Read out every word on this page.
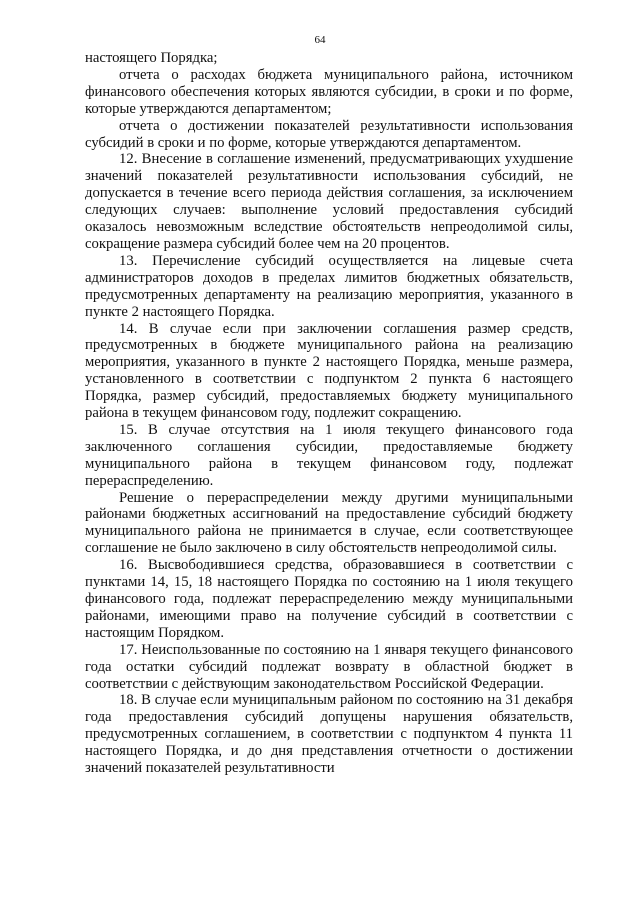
64

настоящего Порядка;

отчета о расходах бюджета муниципального района, источником финансового обеспечения которых являются субсидии, в сроки и по форме, которые утверждаются департаментом;

отчета о достижении показателей результативности использования субсидий в сроки и по форме, которые утверждаются департаментом.

12. Внесение в соглашение изменений, предусматривающих ухудшение значений показателей результативности использования субсидий, не допускается в течение всего периода действия соглашения, за исключением следующих случаев: выполнение условий предоставления субсидий оказалось невозможным вследствие обстоятельств непреодолимой силы, сокращение размера субсидий более чем на 20 процентов.

13. Перечисление субсидий осуществляется на лицевые счета администраторов доходов в пределах лимитов бюджетных обязательств, предусмотренных департаменту на реализацию мероприятия, указанного в пункте 2 настоящего Порядка.

14. В случае если при заключении соглашения размер средств, предусмотренных в бюджете муниципального района на реализацию мероприятия, указанного в пункте 2 настоящего Порядка, меньше размера, установленного в соответствии с подпунктом 2 пункта 6 настоящего Порядка, размер субсидий, предоставляемых бюджету муниципального района в текущем финансовом году, подлежит сокращению.

15. В случае отсутствия на 1 июля текущего финансового года заключенного соглашения субсидии, предоставляемые бюджету муниципального района в текущем финансовом году, подлежат перераспределению.

Решение о перераспределении между другими муниципальными районами бюджетных ассигнований на предоставление субсидий бюджету муниципального района не принимается в случае, если соответствующее соглашение не было заключено в силу обстоятельств непреодолимой силы.

16. Высвободившиеся средства, образовавшиеся в соответствии с пунктами 14, 15, 18 настоящего Порядка по состоянию на 1 июля текущего финансового года, подлежат перераспределению между муниципальными районами, имеющими право на получение субсидий в соответствии с настоящим Порядком.

17. Неиспользованные по состоянию на 1 января текущего финансового года остатки субсидий подлежат возврату в областной бюджет в соответствии с действующим законодательством Российской Федерации.

18. В случае если муниципальным районом по состоянию на 31 декабря года предоставления субсидий допущены нарушения обязательств, предусмотренных соглашением, в соответствии с подпунктом 4 пункта 11 настоящего Порядка, и до дня представления отчетности о достижении значений показателей результативности
